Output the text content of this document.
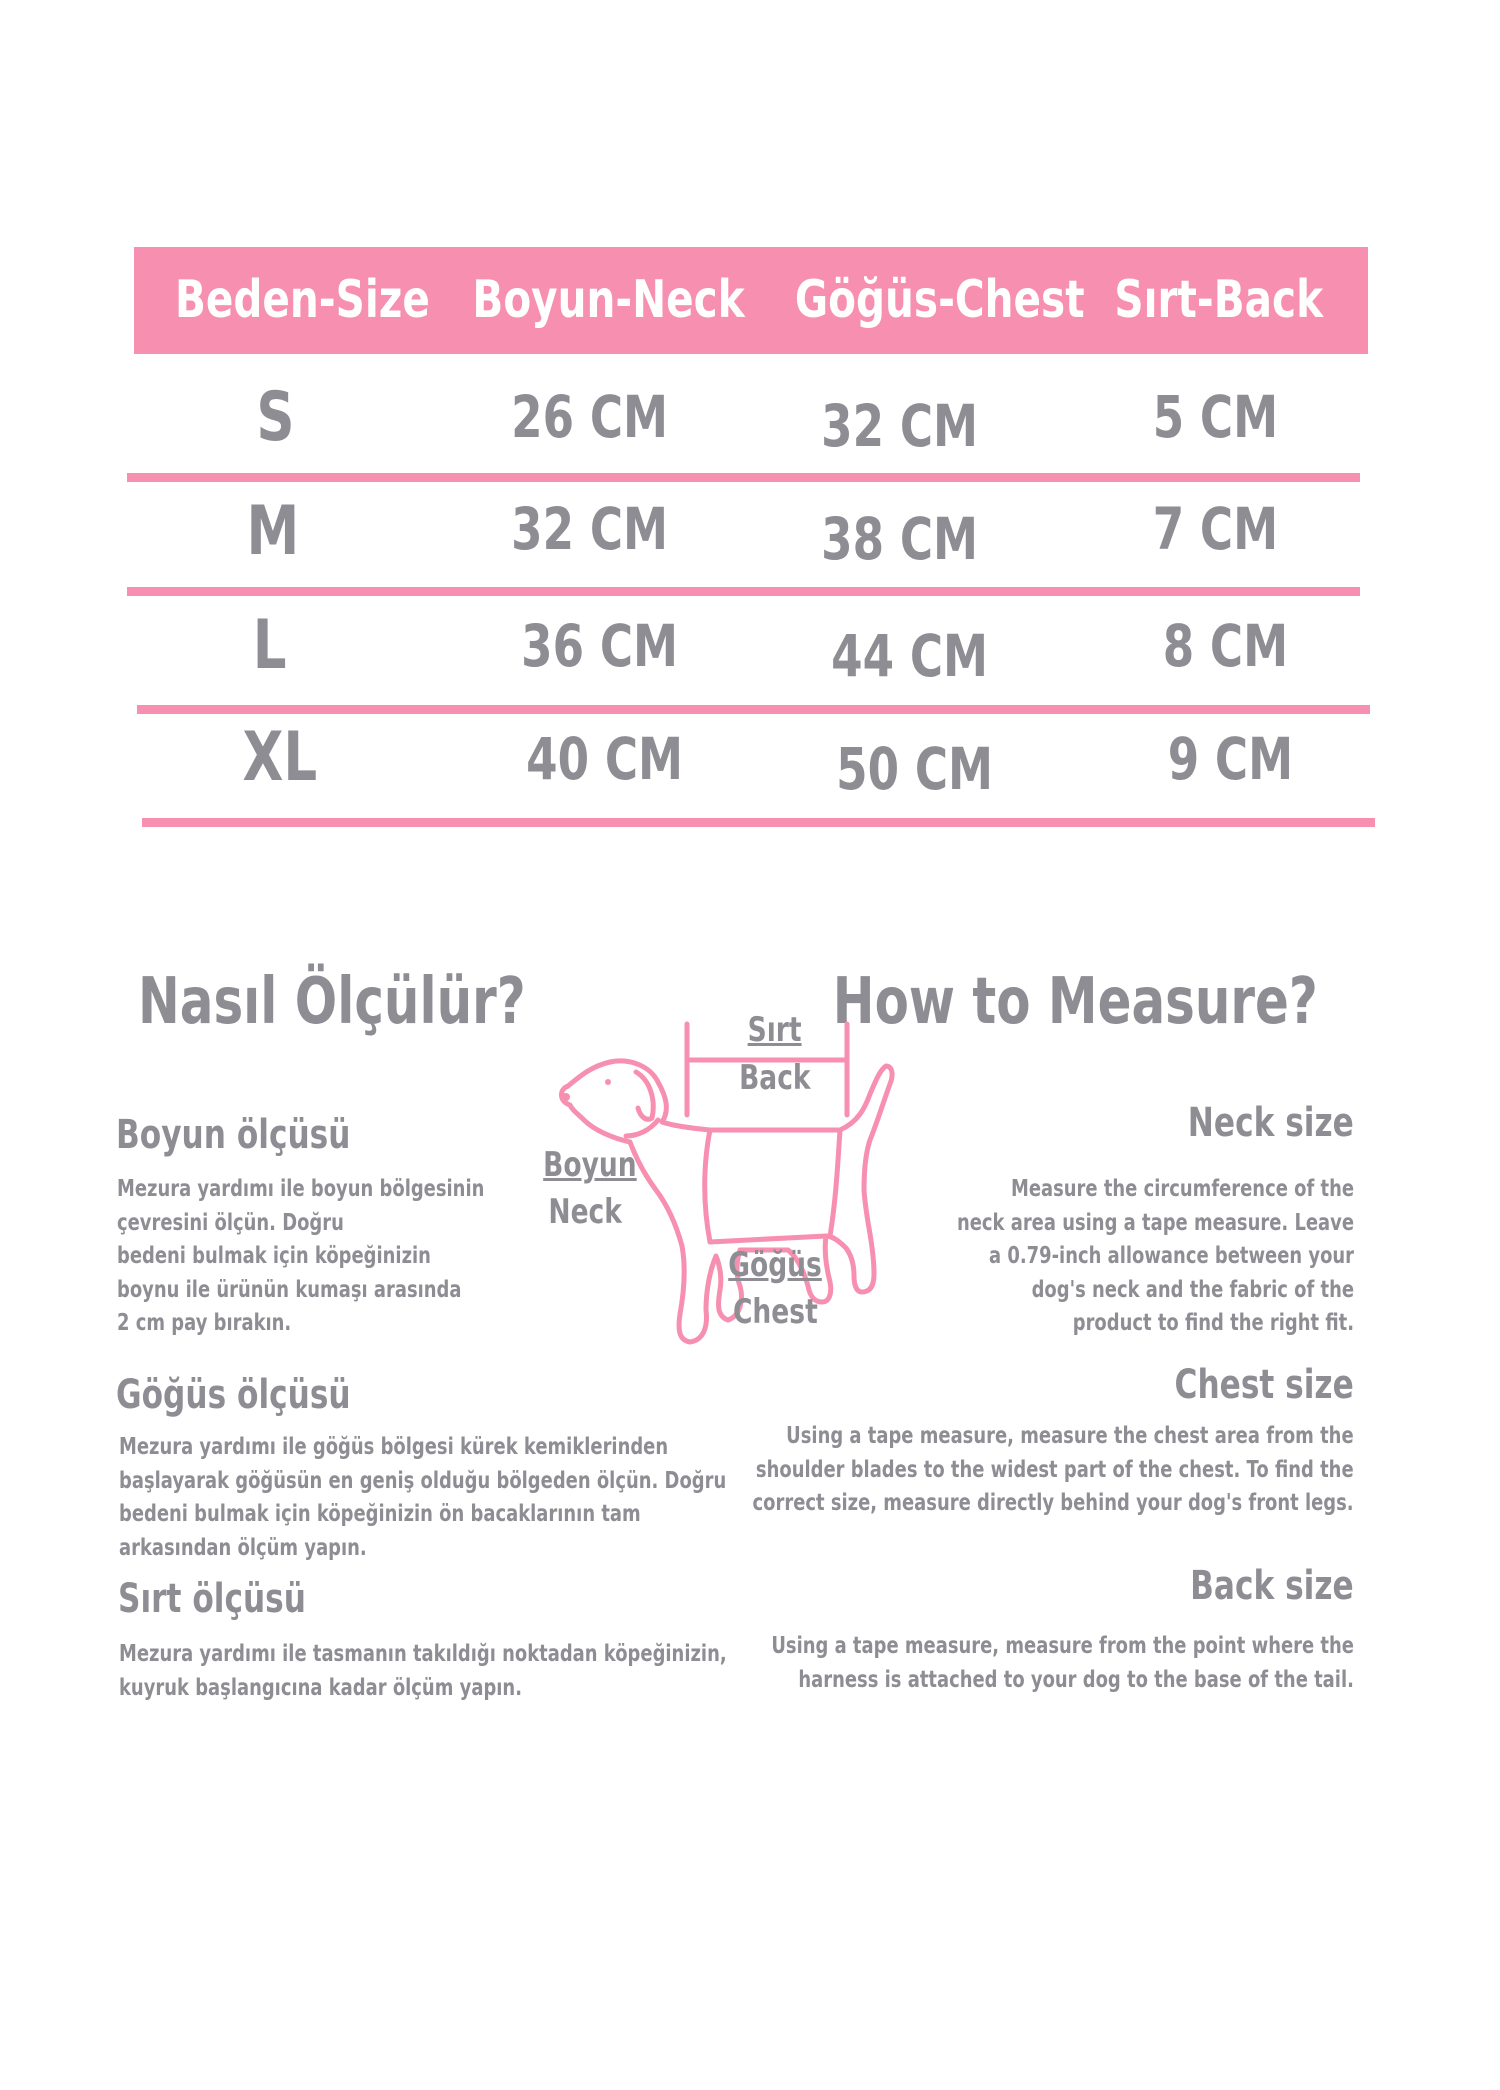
Beden-Size Boyun-Neck Göğüs-Chest Sırt-Back
S	26 CM	32 CM	5 CM
M	32 CM	38 CM	7 CM
L	36 CM	44 CM	8 CM
XL	40 CM	50 CM	9 CM
Nasıl Ölçülür?	How to Measure?
Boyun ölçüsü
Mezura yardımı ile boyun bölgesinin
çevresini ölçün. Doğru
bedeni bulmak için köpeğinizin
boynu ile ürünün kumaşı arasında
2 cm pay bırakın.
Göğüs ölçüsü
Mezura yardımı ile göğüs bölgesi kürek kemiklerinden
başlayarak göğüsün en geniş olduğu bölgeden ölçün. Doğru
bedeni bulmak için köpeğinizin ön bacaklarının tam
arkasından ölçüm yapın.
Sırt ölçüsü
Mezura yardımı ile tasmanın takıldığı noktadan köpeğinizin,
kuyruk başlangıcına kadar ölçüm yapın.
Neck size
Measure the circumference of the
neck area using a tape measure. Leave
a 0.79-inch allowance between your
dog's neck and the fabric of the
product to find the right fit.
Chest size
Using a tape measure, measure the chest area from the
shoulder blades to the widest part of the chest. To find the
correct size, measure directly behind your dog's front legs.
Back size
Using a tape measure, measure from the point where the
harness is attached to your dog to the base of the tail.
Sırt
Back
Boyun
Neck
Göğüs
Chest
